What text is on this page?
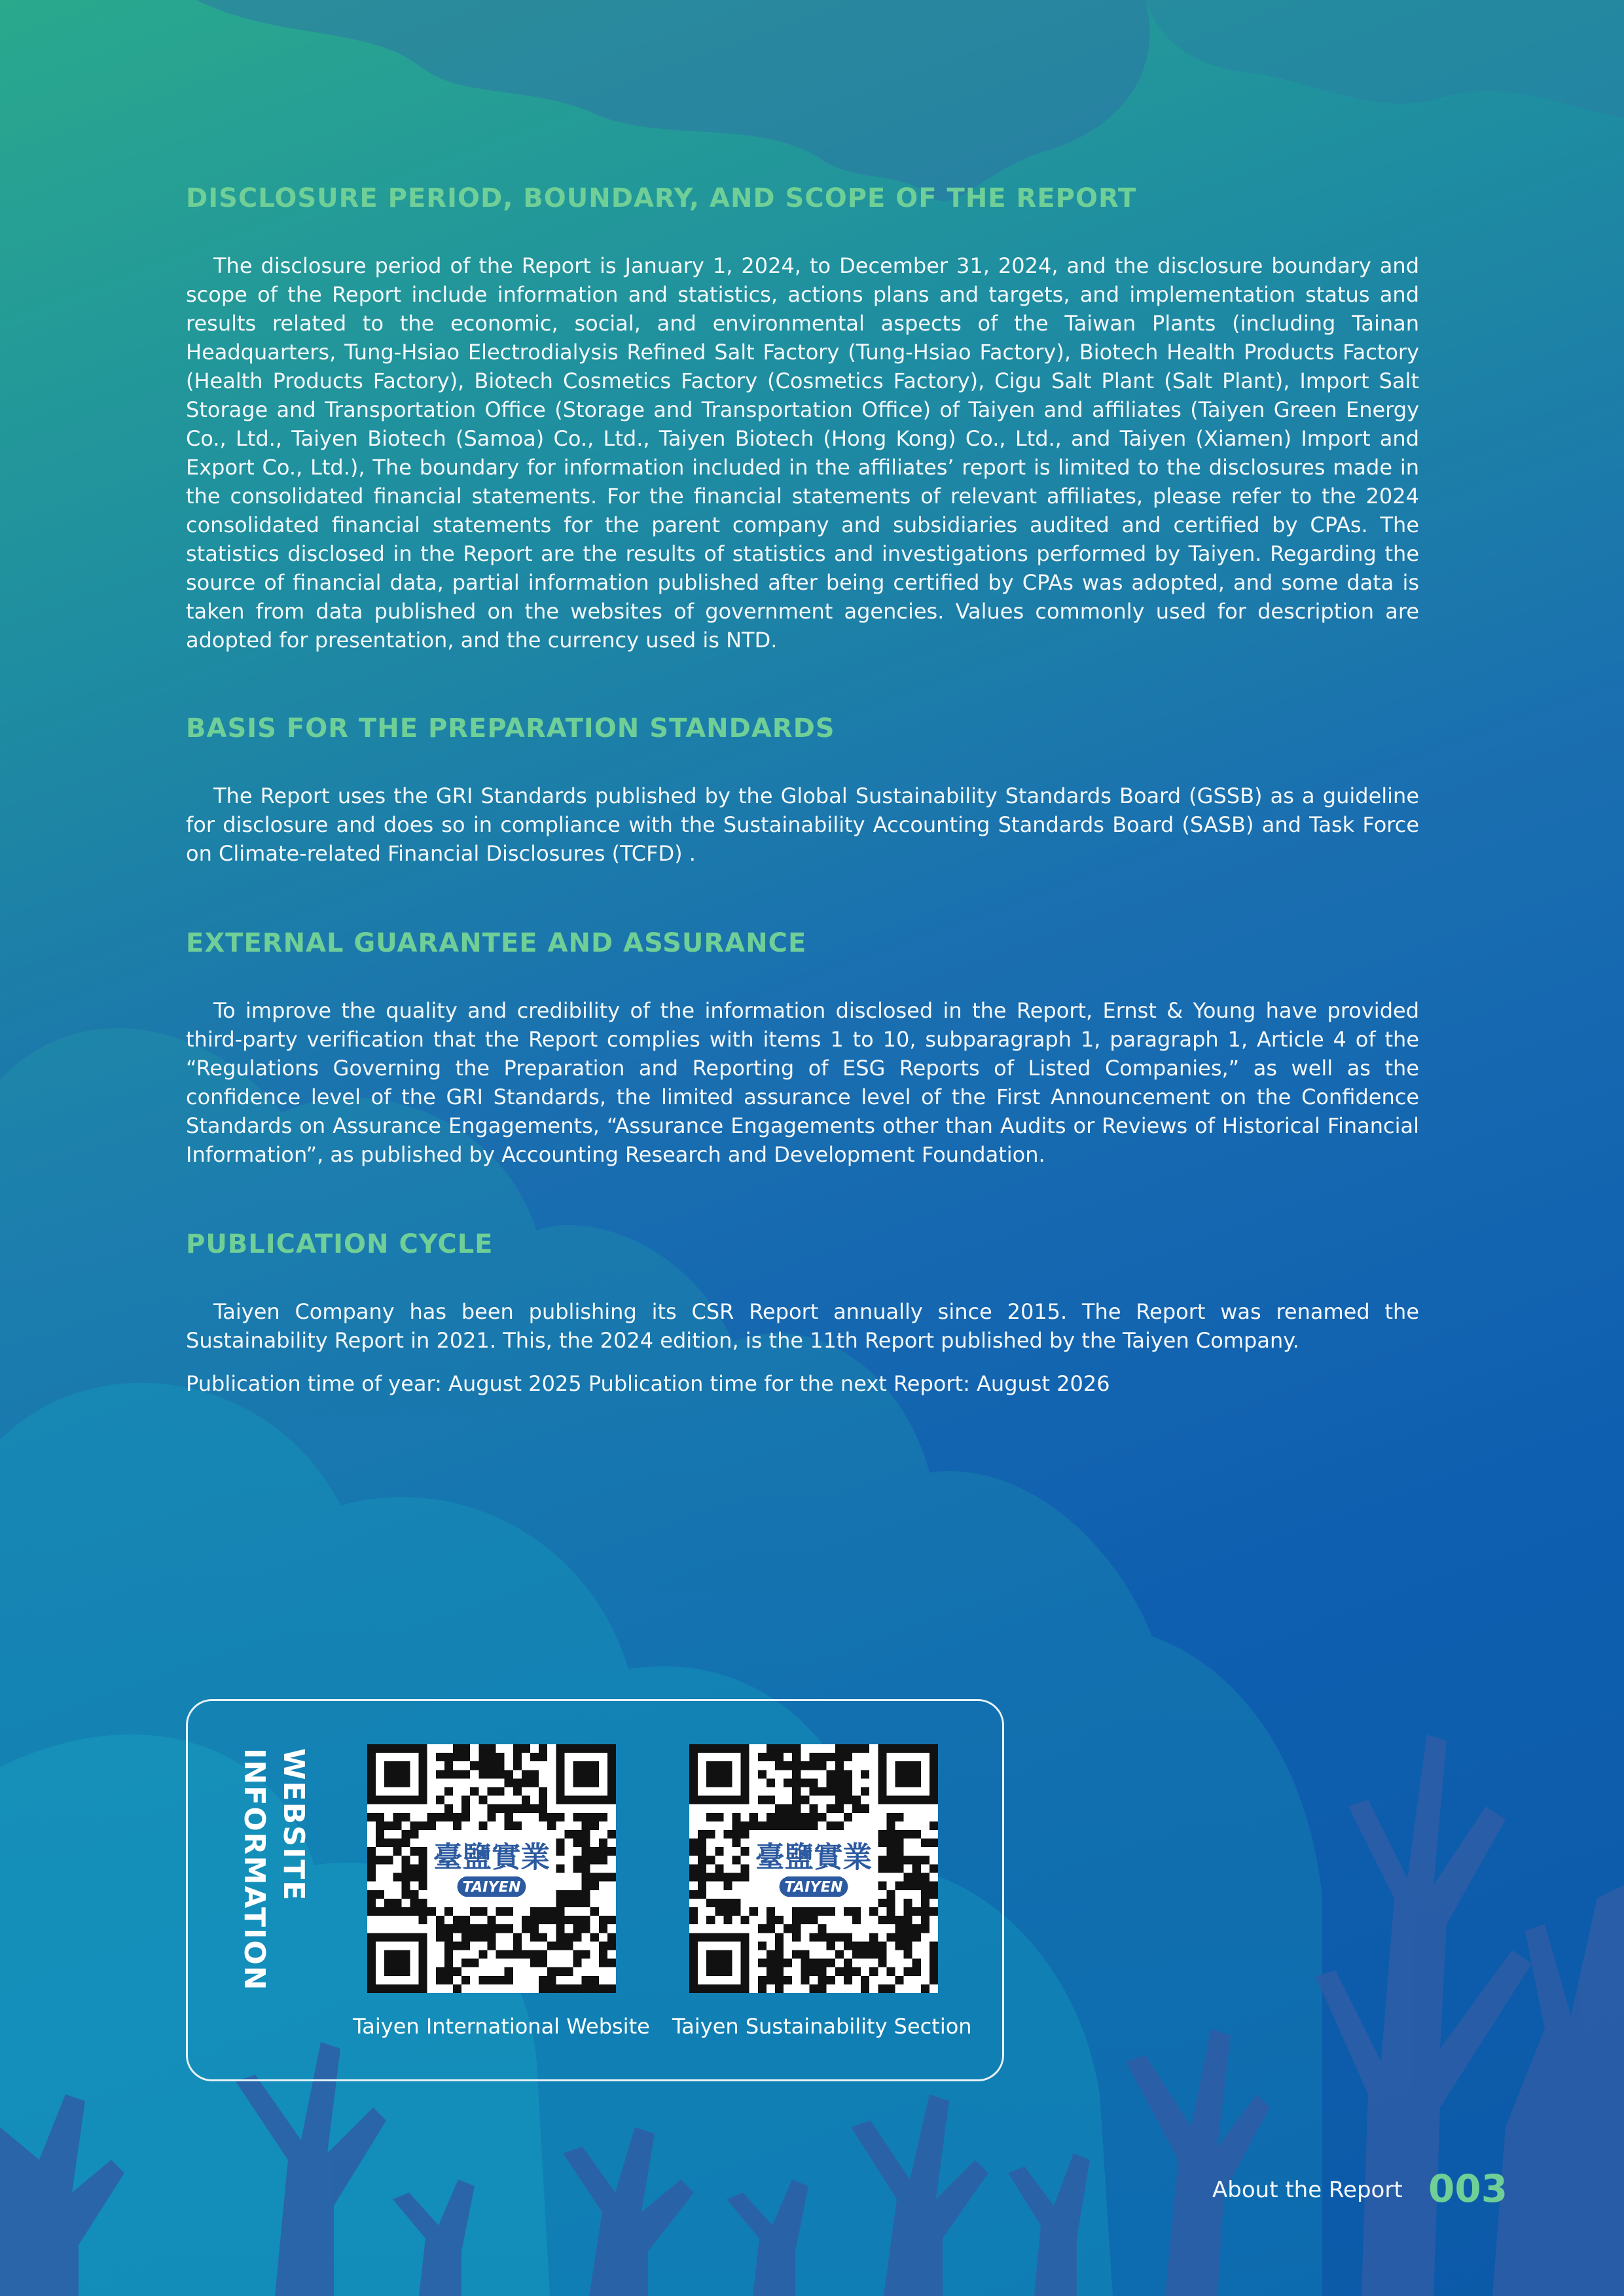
DISCLOSURE PERIOD, BOUNDARY, AND SCOPE OF THE REPORT

The disclosure period of the Report is January 1, 2024, to December 31, 2024, and the disclosure boundary and scope of the Report include information and statistics, actions plans and targets, and implementation status and results related to the economic, social, and environmental aspects of the Taiwan Plants (including Tainan Headquarters, Tung-Hsiao Electrodialysis Refined Salt Factory (Tung-Hsiao Factory), Biotech Health Products Factory (Health Products Factory), Biotech Cosmetics Factory (Cosmetics Factory), Cigu Salt Plant (Salt Plant), Import Salt Storage and Transportation Office (Storage and Transportation Office) of Taiyen and affiliates (Taiyen Green Energy Co., Ltd., Taiyen Biotech (Samoa) Co., Ltd., Taiyen Biotech (Hong Kong) Co., Ltd., and Taiyen (Xiamen) Import and Export Co., Ltd.), The boundary for information included in the affiliates’ report is limited to the disclosures made in the consolidated financial statements. For the financial statements of relevant affiliates, please refer to the 2024 consolidated financial statements for the parent company and subsidiaries audited and certified by CPAs. The statistics disclosed in the Report are the results of statistics and investigations performed by Taiyen. Regarding the source of financial data, partial information published after being certified by CPAs was adopted, and some data is taken from data published on the websites of government agencies. Values commonly used for description are adopted for presentation, and the currency used is NTD.

BASIS FOR THE PREPARATION STANDARDS

The Report uses the GRI Standards published by the Global Sustainability Standards Board (GSSB) as a guideline for disclosure and does so in compliance with the Sustainability Accounting Standards Board (SASB) and Task Force on Climate-related Financial Disclosures (TCFD) .

EXTERNAL GUARANTEE AND ASSURANCE

To improve the quality and credibility of the information disclosed in the Report, Ernst & Young have provided third-party verification that the Report complies with items 1 to 10, subparagraph 1, paragraph 1, Article 4 of the “Regulations Governing the Preparation and Reporting of ESG Reports of Listed Companies,” as well as the confidence level of the GRI Standards, the limited assurance level of the First Announcement on the Confidence Standards on Assurance Engagements, “Assurance Engagements other than Audits or Reviews of Historical Financial Information”, as published by Accounting Research and Development Foundation.

PUBLICATION CYCLE

Taiyen Company has been publishing its CSR Report annually since 2015. The Report was renamed the Sustainability Report in 2021. This, the 2024 edition, is the 11th Report published by the Taiyen Company.

Publication time of year: August 2025 Publication time for the next Report: August 2026

WEBSITE
INFORMATION	臺鹽實業
TAIYEN
Taiyen International Website
臺鹽實業
TAIYEN
Taiyen Sustainability Section
About the Report 003
